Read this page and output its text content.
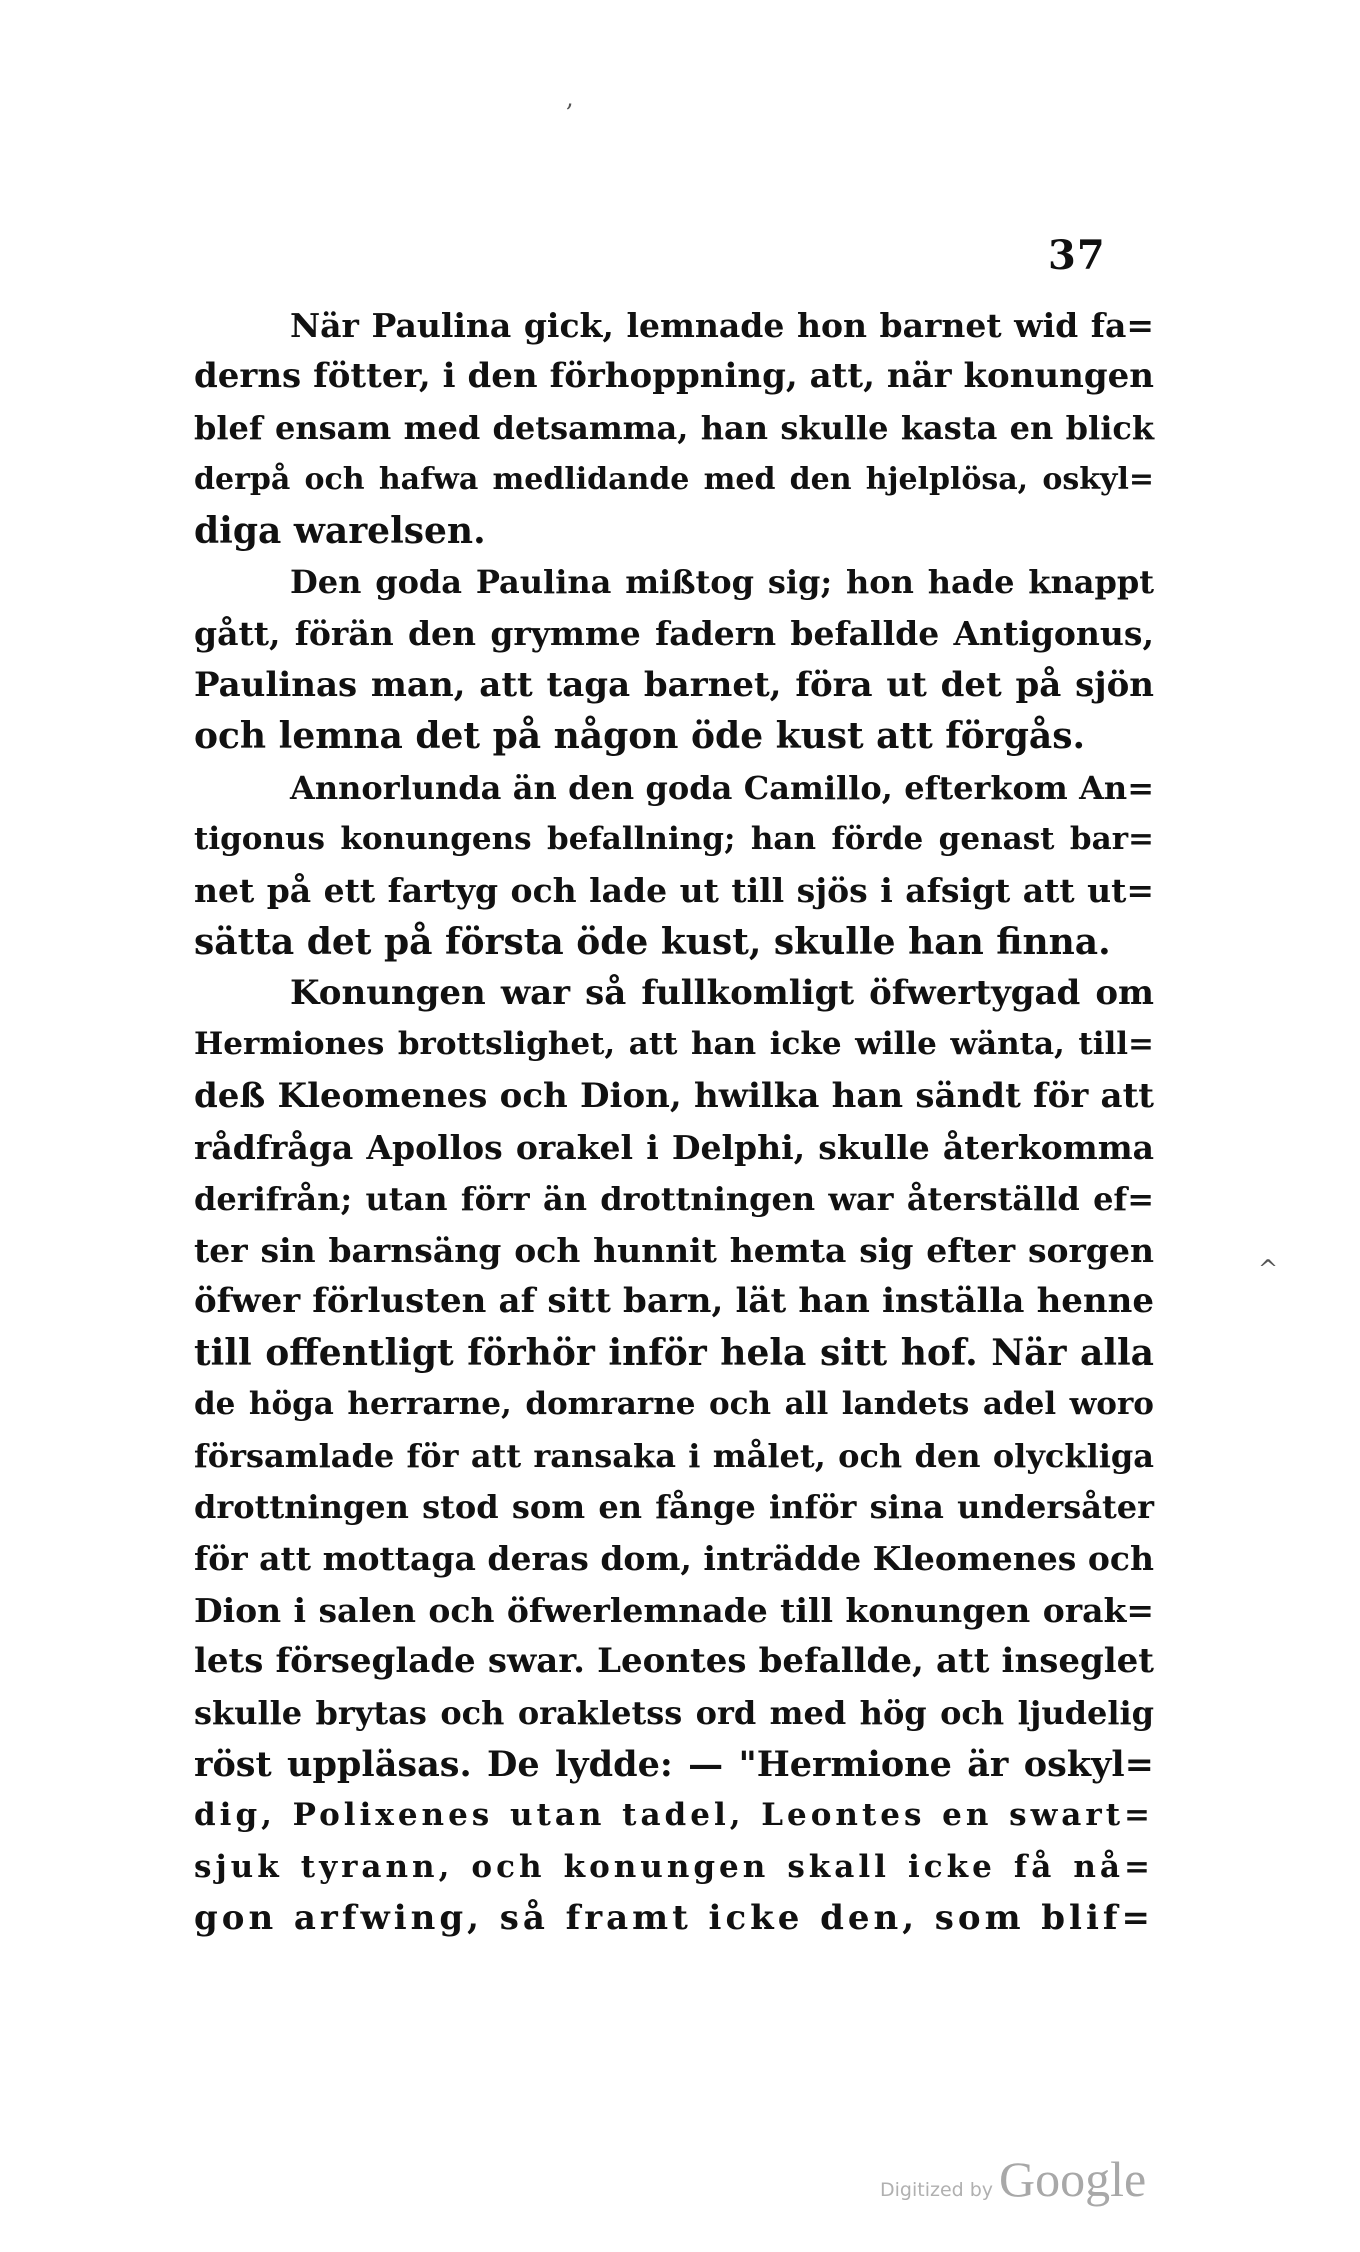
37
,
^
När Paulina gick, lemnade hon barnet wid fa=
derns fötter, i den förhoppning, att, när konungen
blef ensam med detsamma, han skulle kasta en blick
derpå och hafwa medlidande med den hjelplösa, oskyl=
diga warelsen.
Den goda Paulina mißtog sig; hon hade knappt
gått, förän den grymme fadern befallde Antigonus,
Paulinas man, att taga barnet, föra ut det på sjön
och lemna det på någon öde kust att förgås.
Annorlunda än den goda Camillo, efterkom An=
tigonus konungens befallning; han förde genast bar=
net på ett fartyg och lade ut till sjös i afsigt att ut=
sätta det på första öde kust, skulle han finna.
Konungen war så fullkomligt öfwertygad om
Hermiones brottslighet, att han icke wille wänta, till=
deß Kleomenes och Dion, hwilka han sändt för att
rådfråga Apollos orakel i Delphi, skulle återkomma
derifrån; utan förr än drottningen war återställd ef=
ter sin barnsäng och hunnit hemta sig efter sorgen
öfwer förlusten af sitt barn, lät han inställa henne
till offentligt förhör inför hela sitt hof. När alla
de höga herrarne, domrarne och all landets adel woro
församlade för att ransaka i målet, och den olyckliga
drottningen stod som en fånge inför sina undersåter
för att mottaga deras dom, inträdde Kleomenes och
Dion i salen och öfwerlemnade till konungen orak=
lets förseglade swar. Leontes befallde, att inseglet
skulle brytas och orakletss ord med hög och ljudelig
röst uppläsas. De lydde: — "Hermione är oskyl=
dig, Polixenes utan tadel, Leontes en swart=
sjuk tyrann, och konungen skall icke få nå=
gon arfwing, så framt icke den, som blif=
Digitized by Google
